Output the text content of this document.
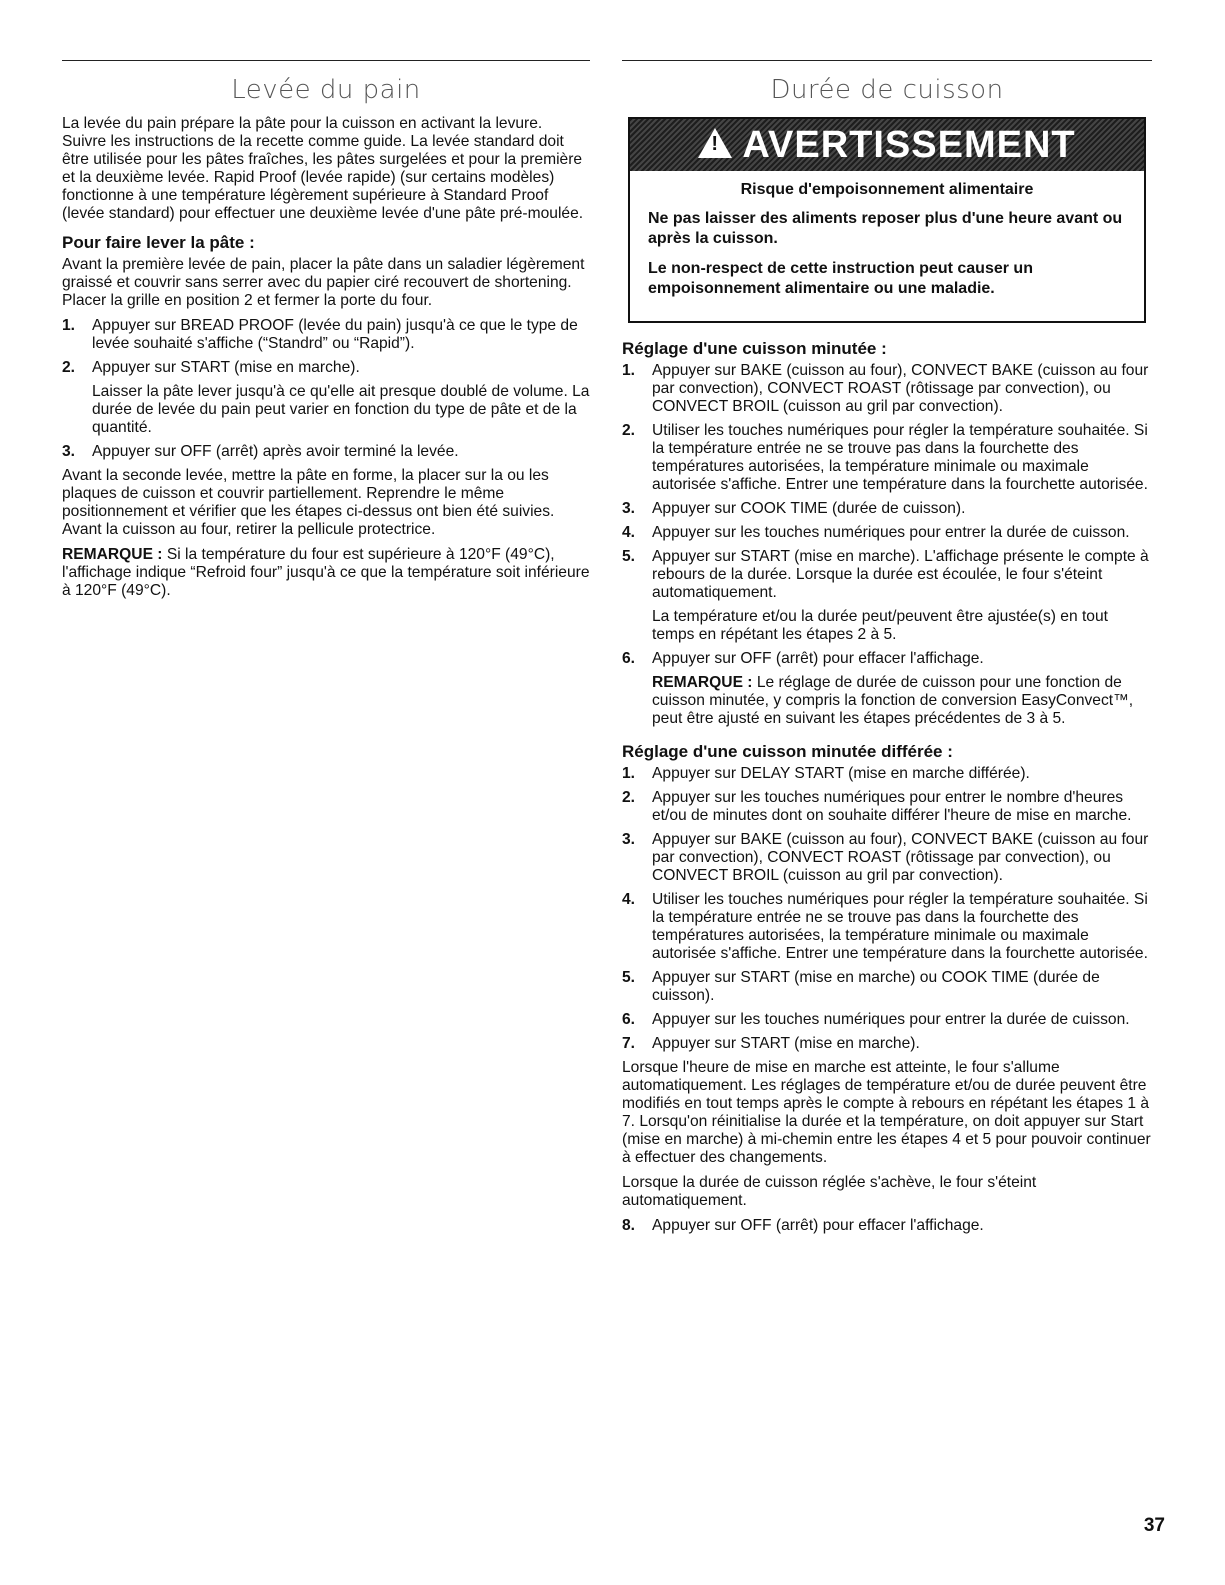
Levée du pain

La levée du pain prépare la pâte pour la cuisson en activant la levure. Suivre les instructions de la recette comme guide. La levée standard doit être utilisée pour les pâtes fraîches, les pâtes surgelées et pour la première et la deuxième levée. Rapid Proof (levée rapide) (sur certains modèles) fonctionne à une température légèrement supérieure à Standard Proof (levée standard) pour effectuer une deuxième levée d'une pâte pré-moulée.

Pour faire lever la pâte :

Avant la première levée de pain, placer la pâte dans un saladier légèrement graissé et couvrir sans serrer avec du papier ciré recouvert de shortening. Placer la grille en position 2 et fermer la porte du four.

1. Appuyer sur BREAD PROOF (levée du pain) jusqu'à ce que le type de levée souhaité s'affiche (“Standrd” ou “Rapid”).
2. Appuyer sur START (mise en marche).
Laisser la pâte lever jusqu'à ce qu'elle ait presque doublé de volume. La durée de levée du pain peut varier en fonction du type de pâte et de la quantité.
3. Appuyer sur OFF (arrêt) après avoir terminé la levée.

Avant la seconde levée, mettre la pâte en forme, la placer sur la ou les plaques de cuisson et couvrir partiellement. Reprendre le même positionnement et vérifier que les étapes ci-dessus ont bien été suivies. Avant la cuisson au four, retirer la pellicule protectrice.

REMARQUE : Si la température du four est supérieure à 120°F (49°C), l'affichage indique “Refroid four” jusqu'à ce que la température soit inférieure à 120°F (49°C).

Durée de cuisson
! AVERTISSEMENT
Risque d'empoisonnement alimentaire
Ne pas laisser des aliments reposer plus d'une heure avant ou après la cuisson.
Le non-respect de cette instruction peut causer un empoisonnement alimentaire ou une maladie.
Réglage d'une cuisson minutée :
1. Appuyer sur BAKE (cuisson au four), CONVECT BAKE (cuisson au four par convection), CONVECT ROAST (rôtissage par convection), ou CONVECT BROIL (cuisson au gril par convection).
2. Utiliser les touches numériques pour régler la température souhaitée. Si la température entrée ne se trouve pas dans la fourchette des températures autorisées, la température minimale ou maximale autorisée s'affiche. Entrer une température dans la fourchette autorisée.
3. Appuyer sur COOK TIME (durée de cuisson).
4. Appuyer sur les touches numériques pour entrer la durée de cuisson.
5. Appuyer sur START (mise en marche). L'affichage présente le compte à rebours de la durée. Lorsque la durée est écoulée, le four s'éteint automatiquement.
La température et/ou la durée peut/peuvent être ajustée(s) en tout temps en répétant les étapes 2 à 5.
6. Appuyer sur OFF (arrêt) pour effacer l'affichage.

REMARQUE : Le réglage de durée de cuisson pour une fonction de cuisson minutée, y compris la fonction de conversion EasyConvect™, peut être ajusté en suivant les étapes précédentes de 3 à 5.

Réglage d'une cuisson minutée différée :
1. Appuyer sur DELAY START (mise en marche différée).
2. Appuyer sur les touches numériques pour entrer le nombre d'heures et/ou de minutes dont on souhaite différer l'heure de mise en marche.
3. Appuyer sur BAKE (cuisson au four), CONVECT BAKE (cuisson au four par convection), CONVECT ROAST (rôtissage par convection), ou CONVECT BROIL (cuisson au gril par convection).
4. Utiliser les touches numériques pour régler la température souhaitée. Si la température entrée ne se trouve pas dans la fourchette des températures autorisées, la température minimale ou maximale autorisée s'affiche. Entrer une température dans la fourchette autorisée.
5. Appuyer sur START (mise en marche) ou COOK TIME (durée de cuisson).
6. Appuyer sur les touches numériques pour entrer la durée de cuisson.
7. Appuyer sur START (mise en marche).

Lorsque l'heure de mise en marche est atteinte, le four s'allume automatiquement. Les réglages de température et/ou de durée peuvent être modifiés en tout temps après le compte à rebours en répétant les étapes 1 à 7. Lorsqu'on réinitialise la durée et la température, on doit appuyer sur Start (mise en marche) à mi-chemin entre les étapes 4 et 5 pour pouvoir continuer à effectuer des changements.

Lorsque la durée de cuisson réglée s'achève, le four s'éteint automatiquement.

8. Appuyer sur OFF (arrêt) pour effacer l'affichage.
37
